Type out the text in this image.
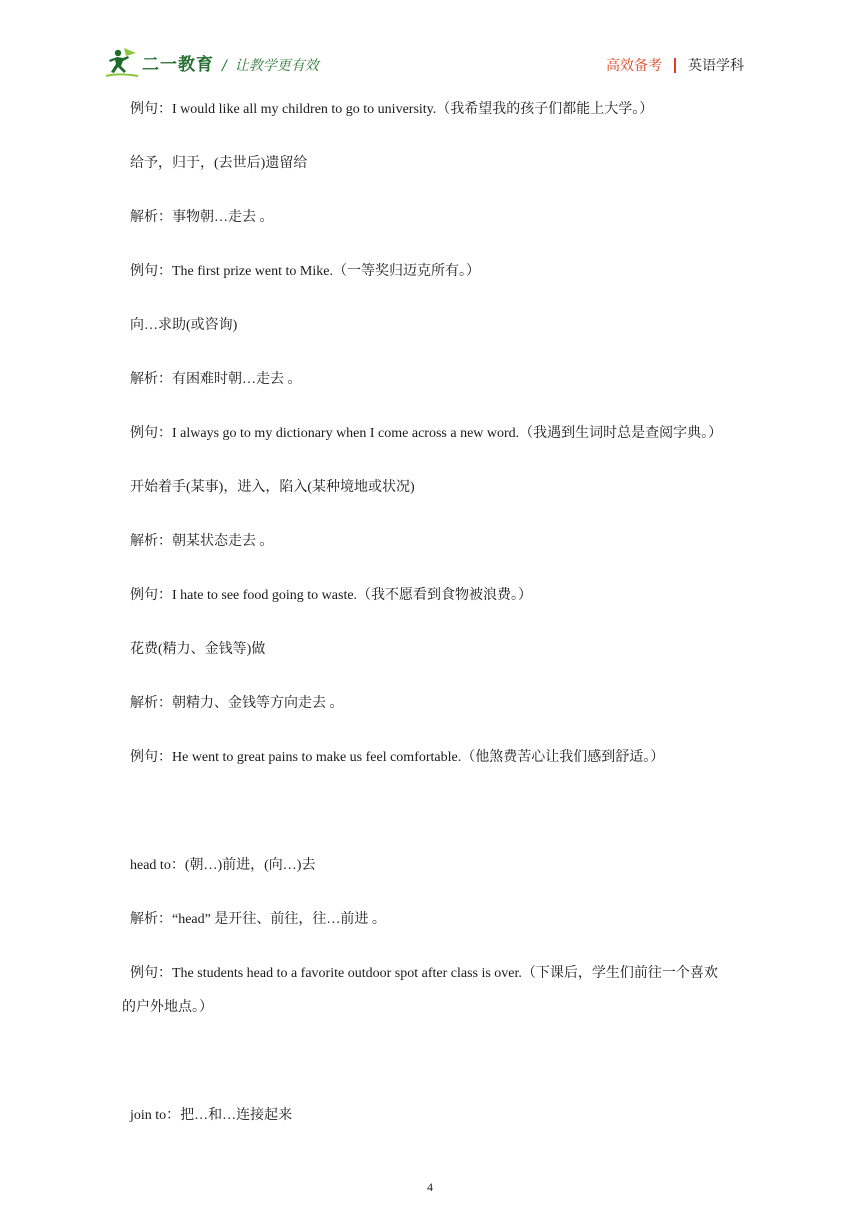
二一教育 / 让教学更有效	高效备考 英语学科
例句：I would like all my children to go to university.（我希望我的孩子们都能上大学。）
给予，归于，(去世后)遗留给
解析：事物朝…走去 。
例句：The first prize went to Mike.（一等奖归迈克所有。）
向…求助(或咨询)
解析：有困难时朝…走去 。
例句：I always go to my dictionary when I come across a new word.（我遇到生词时总是查阅字典。）
开始着手(某事)，进入，陷入(某种境地或状况)
解析：朝某状态走去 。
例句：I hate to see food going to waste.（我不愿看到食物被浪费。）
花费(精力、金钱等)做
解析：朝精力、金钱等方向走去 。
例句：He went to great pains to make us feel comfortable.（他煞费苦心让我们感到舒适。）
head to：(朝…)前进，(向…)去
解析：“head” 是开往、前往，往…前进 。
例句：The students head to a favorite outdoor spot after class is over.（下课后，学生们前往一个喜欢
的户外地点。）
join to：把…和…连接起来
4
